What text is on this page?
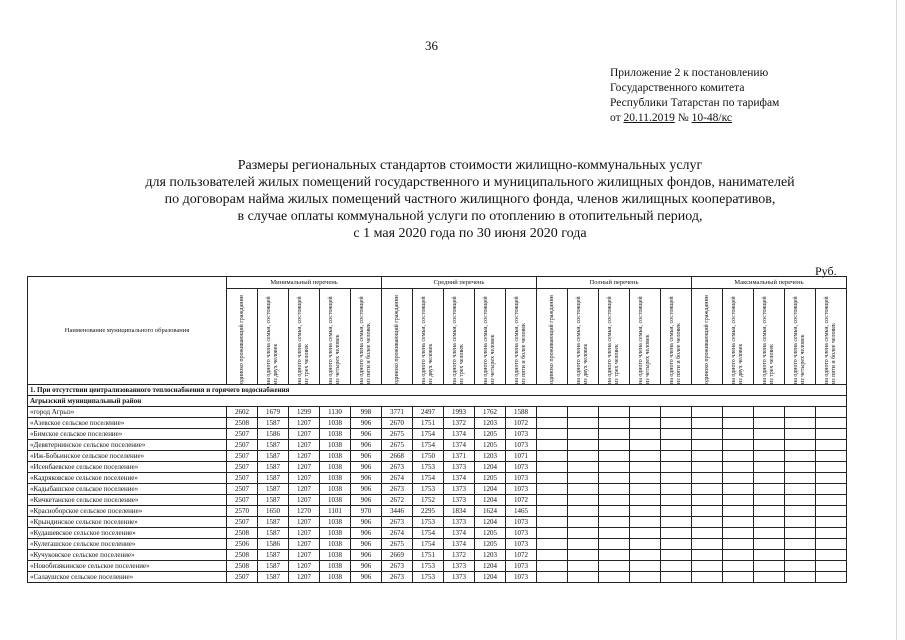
36
Приложение 2 к постановлению
Государственного комитета
Республики Татарстан по тарифам
от 20.11.2019 № 10-48/кс
Размеры региональных стандартов стоимости жилищно-коммунальных услуг
для пользователей жилых помещений государственного и муниципального жилищных фондов, нанимателей
по договорам найма жилых помещений частного жилищного фонда, членов жилищных кооперативов,
в случае оплаты коммунальной услуги по отоплению в отопительный период,
с 1 мая 2020 года по 30 июня 2020 года
Руб.
Наименование муниципального образования	Минимальный перечень					Средний перечень					Полный перечень					Максимальный перечень				

	одиноко проживающий гражданин	на одного члена семьи, состоящей из двух человек	на одного члена семьи, состоящей из трех человек	на одного члена семьи, состоящей из четырех человек	на одного члена семьи, состоящей из пяти и более человек	одиноко проживающий гражданин	на одного члена семьи, состоящей из двух человек	на одного члена семьи, состоящей из трех человек	на одного члена семьи, состоящей из четырех человек	на одного члена семьи, состоящей из пяти и более человек	одиноко проживающий гражданин	на одного члена семьи, состоящей из двух человек	на одного члена семьи, состоящей из трех человек	на одного члена семьи, состоящей из четырех человек	на одного члена семьи, состоящей из пяти и более человек	одиноко проживающий гражданин	на одного члена семьи, состоящей из двух человек	на одного члена семьи, состоящей из трех человек	на одного члена семьи, состоящей из четырех человек	на одного члена семьи, состоящей из пяти и более человек

1. При отсутствии централизованного теплоснабжения и горячего водоснабжения																				
Агрызский муниципальный район																				
«город Агрыз»	2602	1679	1299	1130	998	3771	2497	1993	1762	1588										
«Азевское сельское поселение»	2508	1587	1207	1038	906	2670	1751	1372	1203	1072										
«Бимское сельское поселение»	2507	1586	1207	1038	906	2675	1754	1374	1205	1073										
«Девятернинское сельское поселение»	2507	1587	1207	1038	906	2675	1754	1374	1205	1073										
«Иж-Бобьинское сельское поселение»	2507	1587	1207	1038	906	2668	1750	1371	1203	1071										
«Исенбаевское сельское поселение»	2507	1587	1207	1038	906	2673	1753	1373	1204	1073										
«Кадряковское сельское поселение»	2507	1587	1207	1038	906	2674	1754	1374	1205	1073										
«Кадыбашское сельское поселение»	2507	1587	1207	1038	906	2673	1753	1373	1204	1073										
«Кичкетанское сельское поселение»	2507	1587	1207	1038	906	2672	1752	1373	1204	1072										
«Красноборское сельское поселение»	2570	1650	1270	1101	970	3446	2295	1834	1624	1465										
«Крындинское сельское поселение»	2507	1587	1207	1038	906	2673	1753	1373	1204	1073										
«Кудашевское сельское поселение»	2508	1587	1207	1038	906	2674	1754	1374	1205	1073										
«Кулегашское сельское поселение»	2506	1586	1207	1038	906	2675	1754	1374	1205	1073										
«Кучуковское сельское поселение»	2508	1587	1207	1038	906	2669	1751	1372	1203	1072										
«Новобизякинское сельское поселение»	2508	1587	1207	1038	906	2673	1753	1373	1204	1073										
«Салаушское сельское поселение»	2507	1587	1207	1038	906	2673	1753	1373	1204	1073										
